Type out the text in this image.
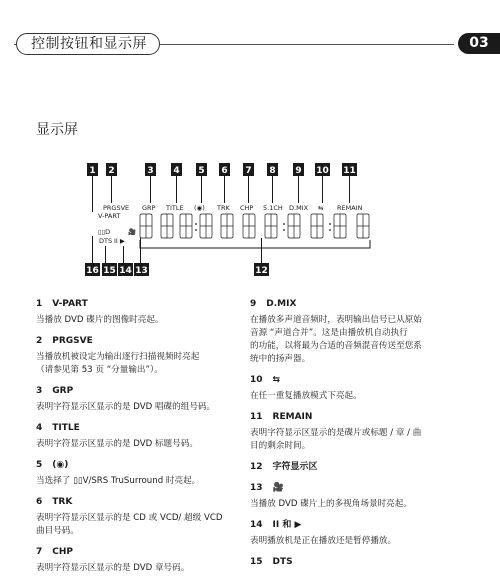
控制按钮和显示屏	03
显示屏
1 2	3 4 5 6 7 8 9 10 11
PRGSVE
V-PART
GRP TITLE (◉) TRK CHP 5.1CH D.MIX ⇆ REMAIN
▯▯D
DTS II ▶
🎥
16 15 14 13	12
1 V-PART
当播放 DVD 碟片的图像时亮起。
2 PRGSVE
当播放机被设定为输出逐行扫描视频时亮起
（请参见第 53 页 “分量输出”）。
3 GRP
表明字符显示区显示的是 DVD 唱碟的组号码。
4 TITLE
表明字符显示区显示的是 DVD 标题号码。
5 (◉)
当选择了 ▯▯V/SRS TruSurround 时亮起。
6 TRK
表明字符显示区显示的是 CD 或 VCD/ 超级 VCD
曲目号码。
7 CHP
表明字符显示区显示的是 DVD 章号码。
9 D.MIX
在播放多声道音频时，表明输出信号已从原始
音源 “声道合并”。这是由播放机自动执行
的功能，以将最为合适的音频混音传送至您系
统中的扬声器。
10 ⇆
在任一重复播放模式下亮起。
11 REMAIN
表明字符显示区显示的是碟片或标题 / 章 / 曲
目的剩余时间。
12 字符显示区
13 🎥
当播放 DVD 碟片上的多视角场景时亮起。
14 II 和 ▶
表明播放机是正在播放还是暂停播放。
15 DTS
